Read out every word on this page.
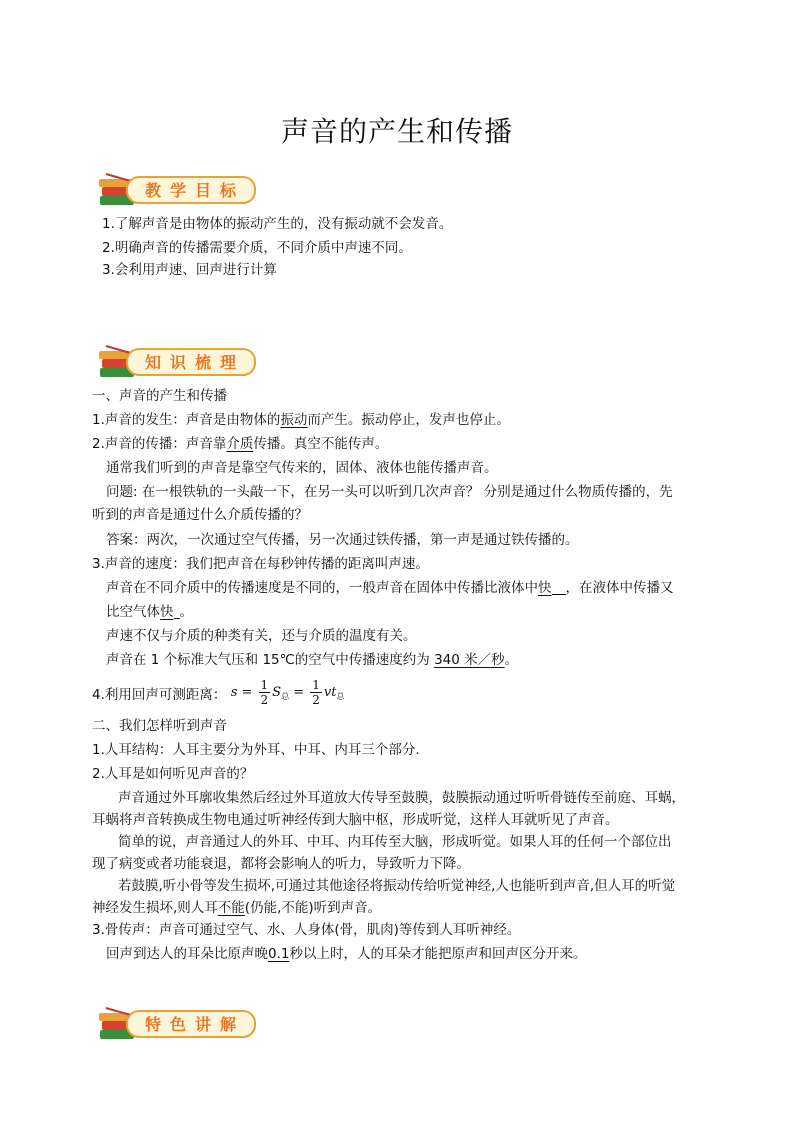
声音的产生和传播
教学目标
1.了解声音是由物体的振动产生的，没有振动就不会发音。
2.明确声音的传播需要介质，不同介质中声速不同。
3.会利用声速、回声进行计算
知识梳理
一、声音的产生和传播
1.声音的发生：声音是由物体的振动而产生。振动停止，发声也停止。
2.声音的传播：声音靠介质传播。真空不能传声。
通常我们听到的声音是靠空气传来的，固体、液体也能传播声音。
问题: 在一根铁轨的一头敲一下，在另一头可以听到几次声音？ 分别是通过什么物质传播的，先
听到的声音是通过什么介质传播的？
答案：两次，一次通过空气传播，另一次通过铁传播，第一声是通过铁传播的。
3.声音的速度：我们把声音在每秒钟传播的距离叫声速。
声音在不同介质中的传播速度是不同的，一般声音在固体中传播比液体中快 ，在液体中传播又
比空气体快 。
声速不仅与介质的种类有关，还与介质的温度有关。
声音在 1 个标准大气压和 15℃的空气中传播速度约为 340 米／秒。
4.利用回声可测距离： $s = \frac{1}{2} S_总 = \frac{1}{2} vt_总$
二、我们怎样听到声音
1.人耳结构：人耳主要分为外耳、中耳、内耳三个部分.
2.人耳是如何听见声音的？
声音通过外耳廓收集然后经过外耳道放大传导至鼓膜，鼓膜振动通过听听骨链传至前庭、耳蜗，
耳蜗将声音转换成生物电通过听神经传到大脑中枢，形成听觉，这样人耳就听见了声音。
简单的说，声音通过人的外耳、中耳、内耳传至大脑，形成听觉。如果人耳的任何一个部位出
现了病变或者功能衰退，都将会影响人的听力，导致听力下降。
若鼓膜,听小骨等发生损坏,可通过其他途径将振动传给听觉神经,人也能听到声音,但人耳的听觉
神经发生损坏,则人耳不能(仍能,不能)听到声音。
3.骨传声：声音可通过空气、水、人身体(骨，肌肉)等传到人耳听神经。
回声到达人的耳朵比原声晚0.1秒以上时，人的耳朵才能把原声和回声区分开来。
特色讲解
